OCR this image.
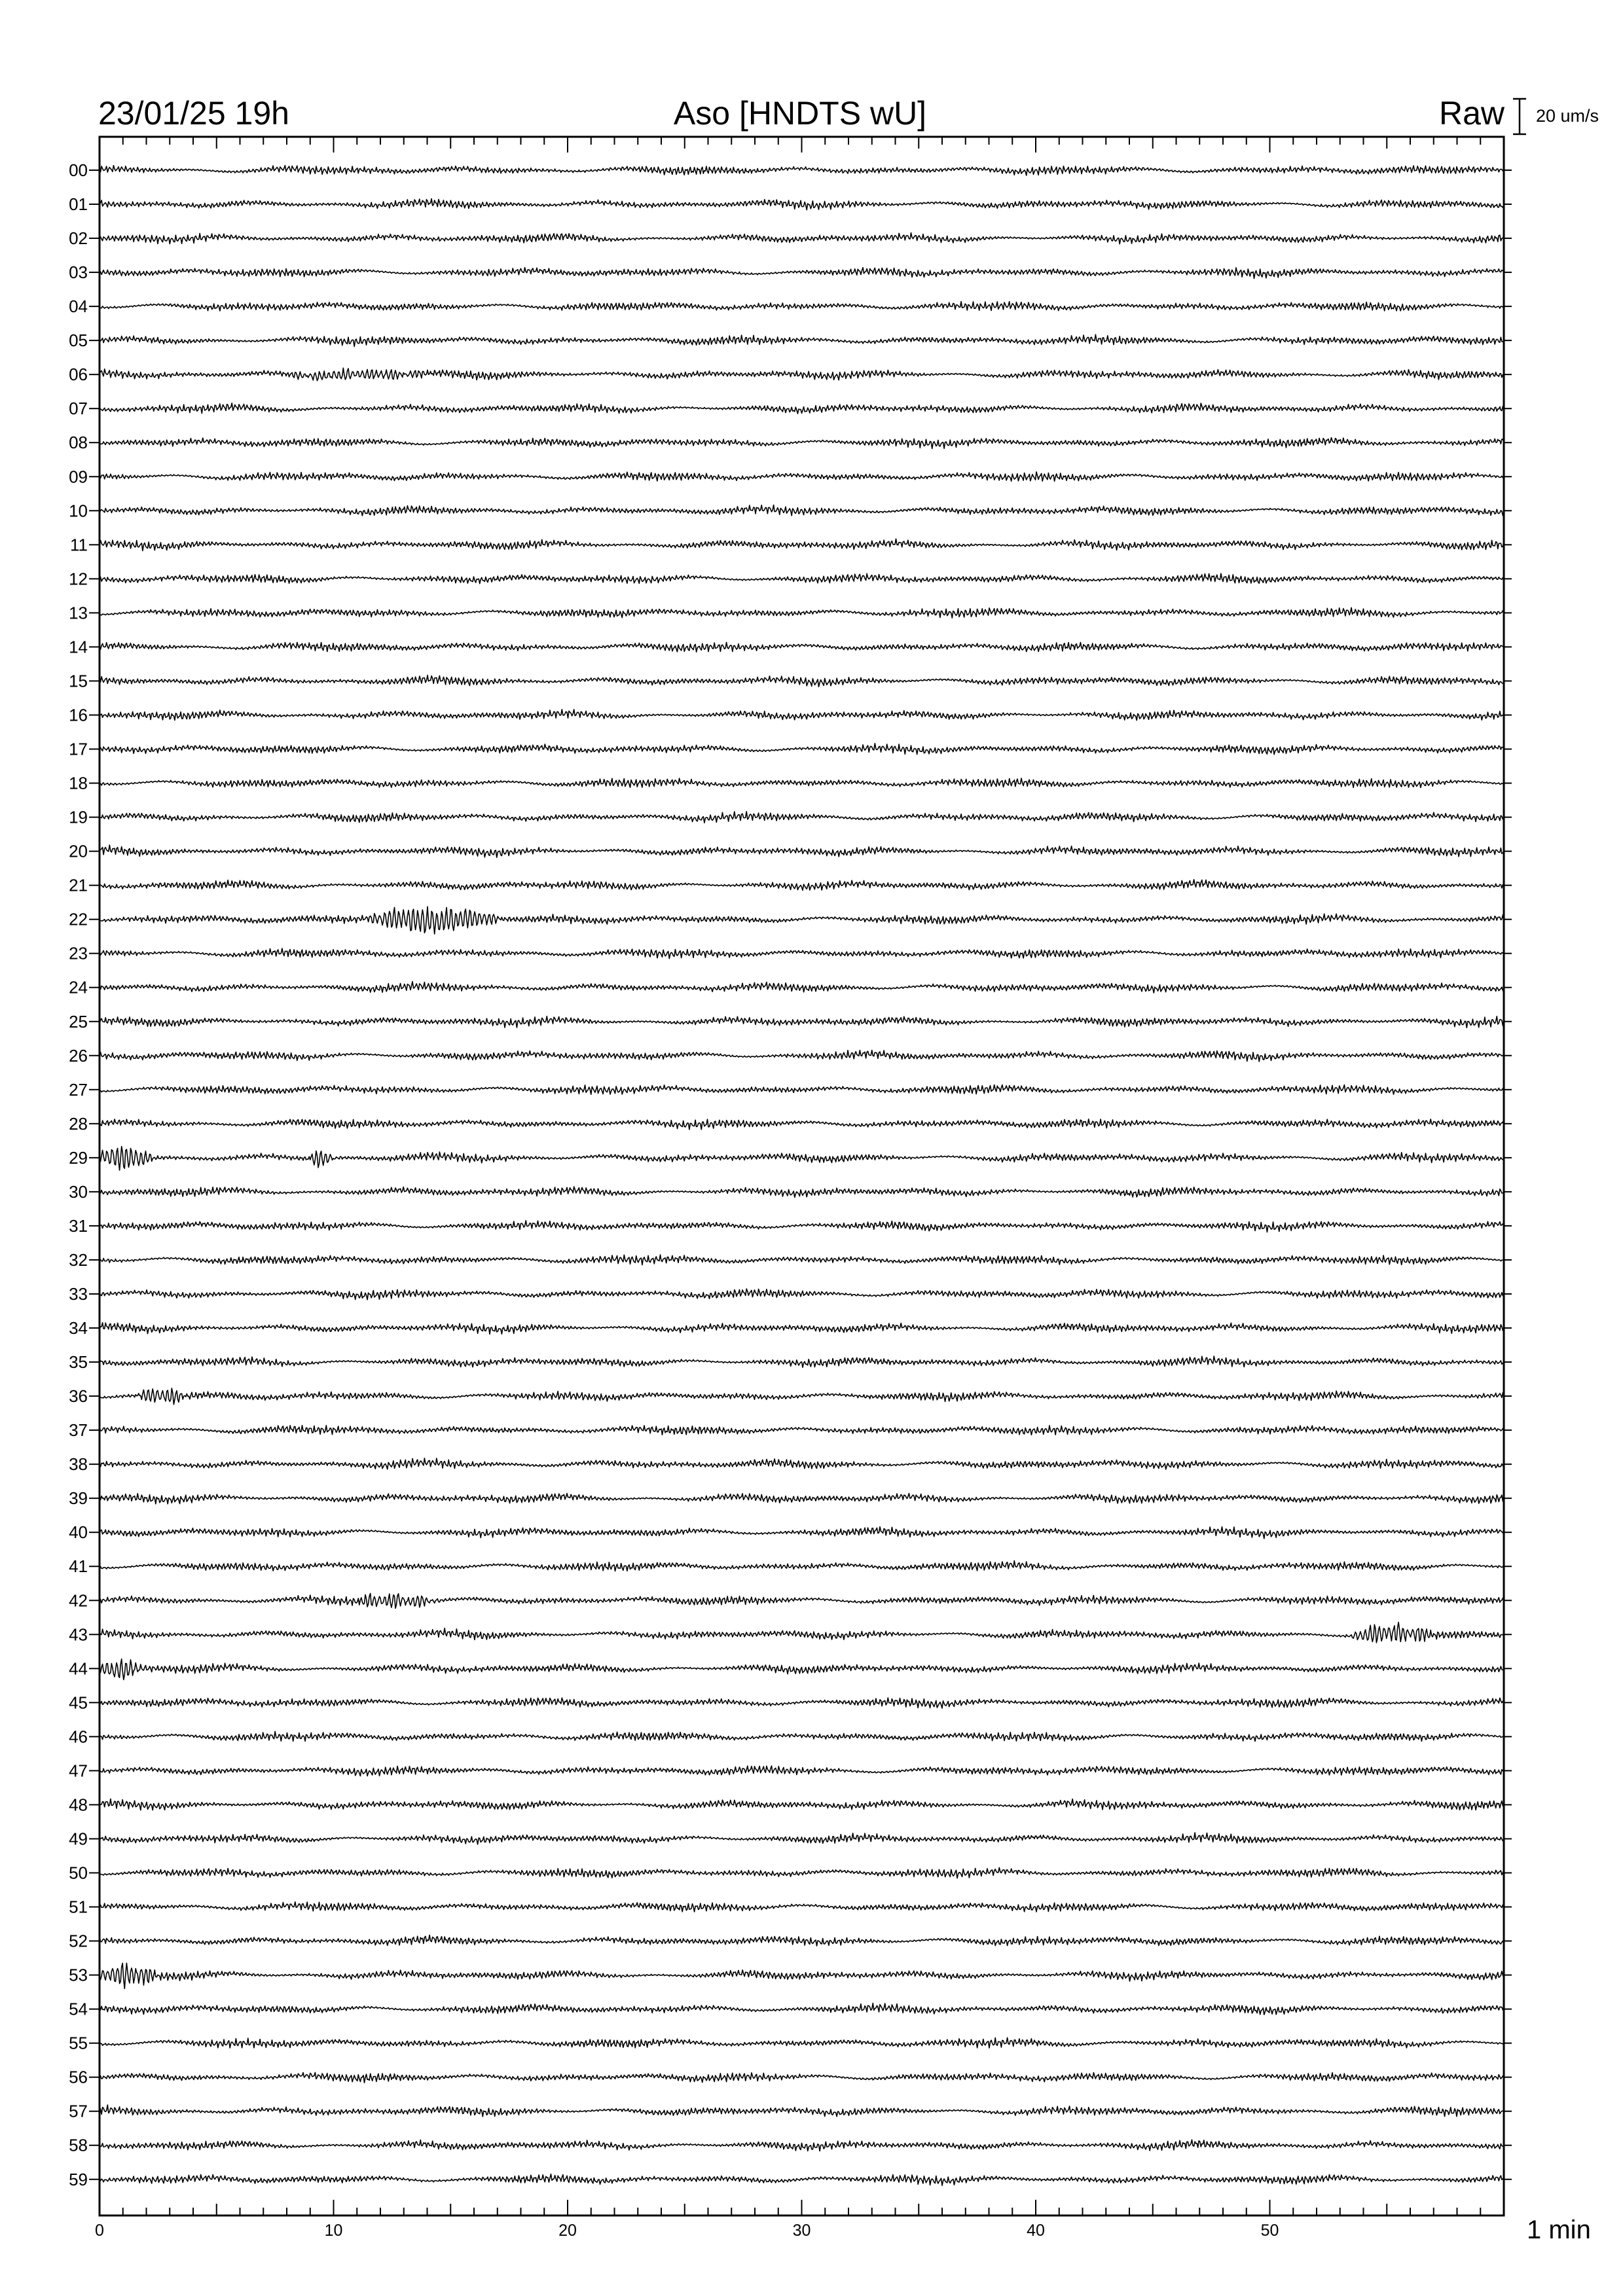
23/01/25 19h	Aso [HNDTS wU]	Raw 20 um/s
0	10	20	30	40	50
00
01
02
03
04
05
06
07
08
09
10
11
12
13
14
15
16
17
18
19
20
21
22
23
24
25
26
27
28
29
30
31
32
33
34
35
36
37
38
39
40
41
42
43
44
45
46
47
48
49
50
51
52
53
54
55
56
57
58
59
1 min
